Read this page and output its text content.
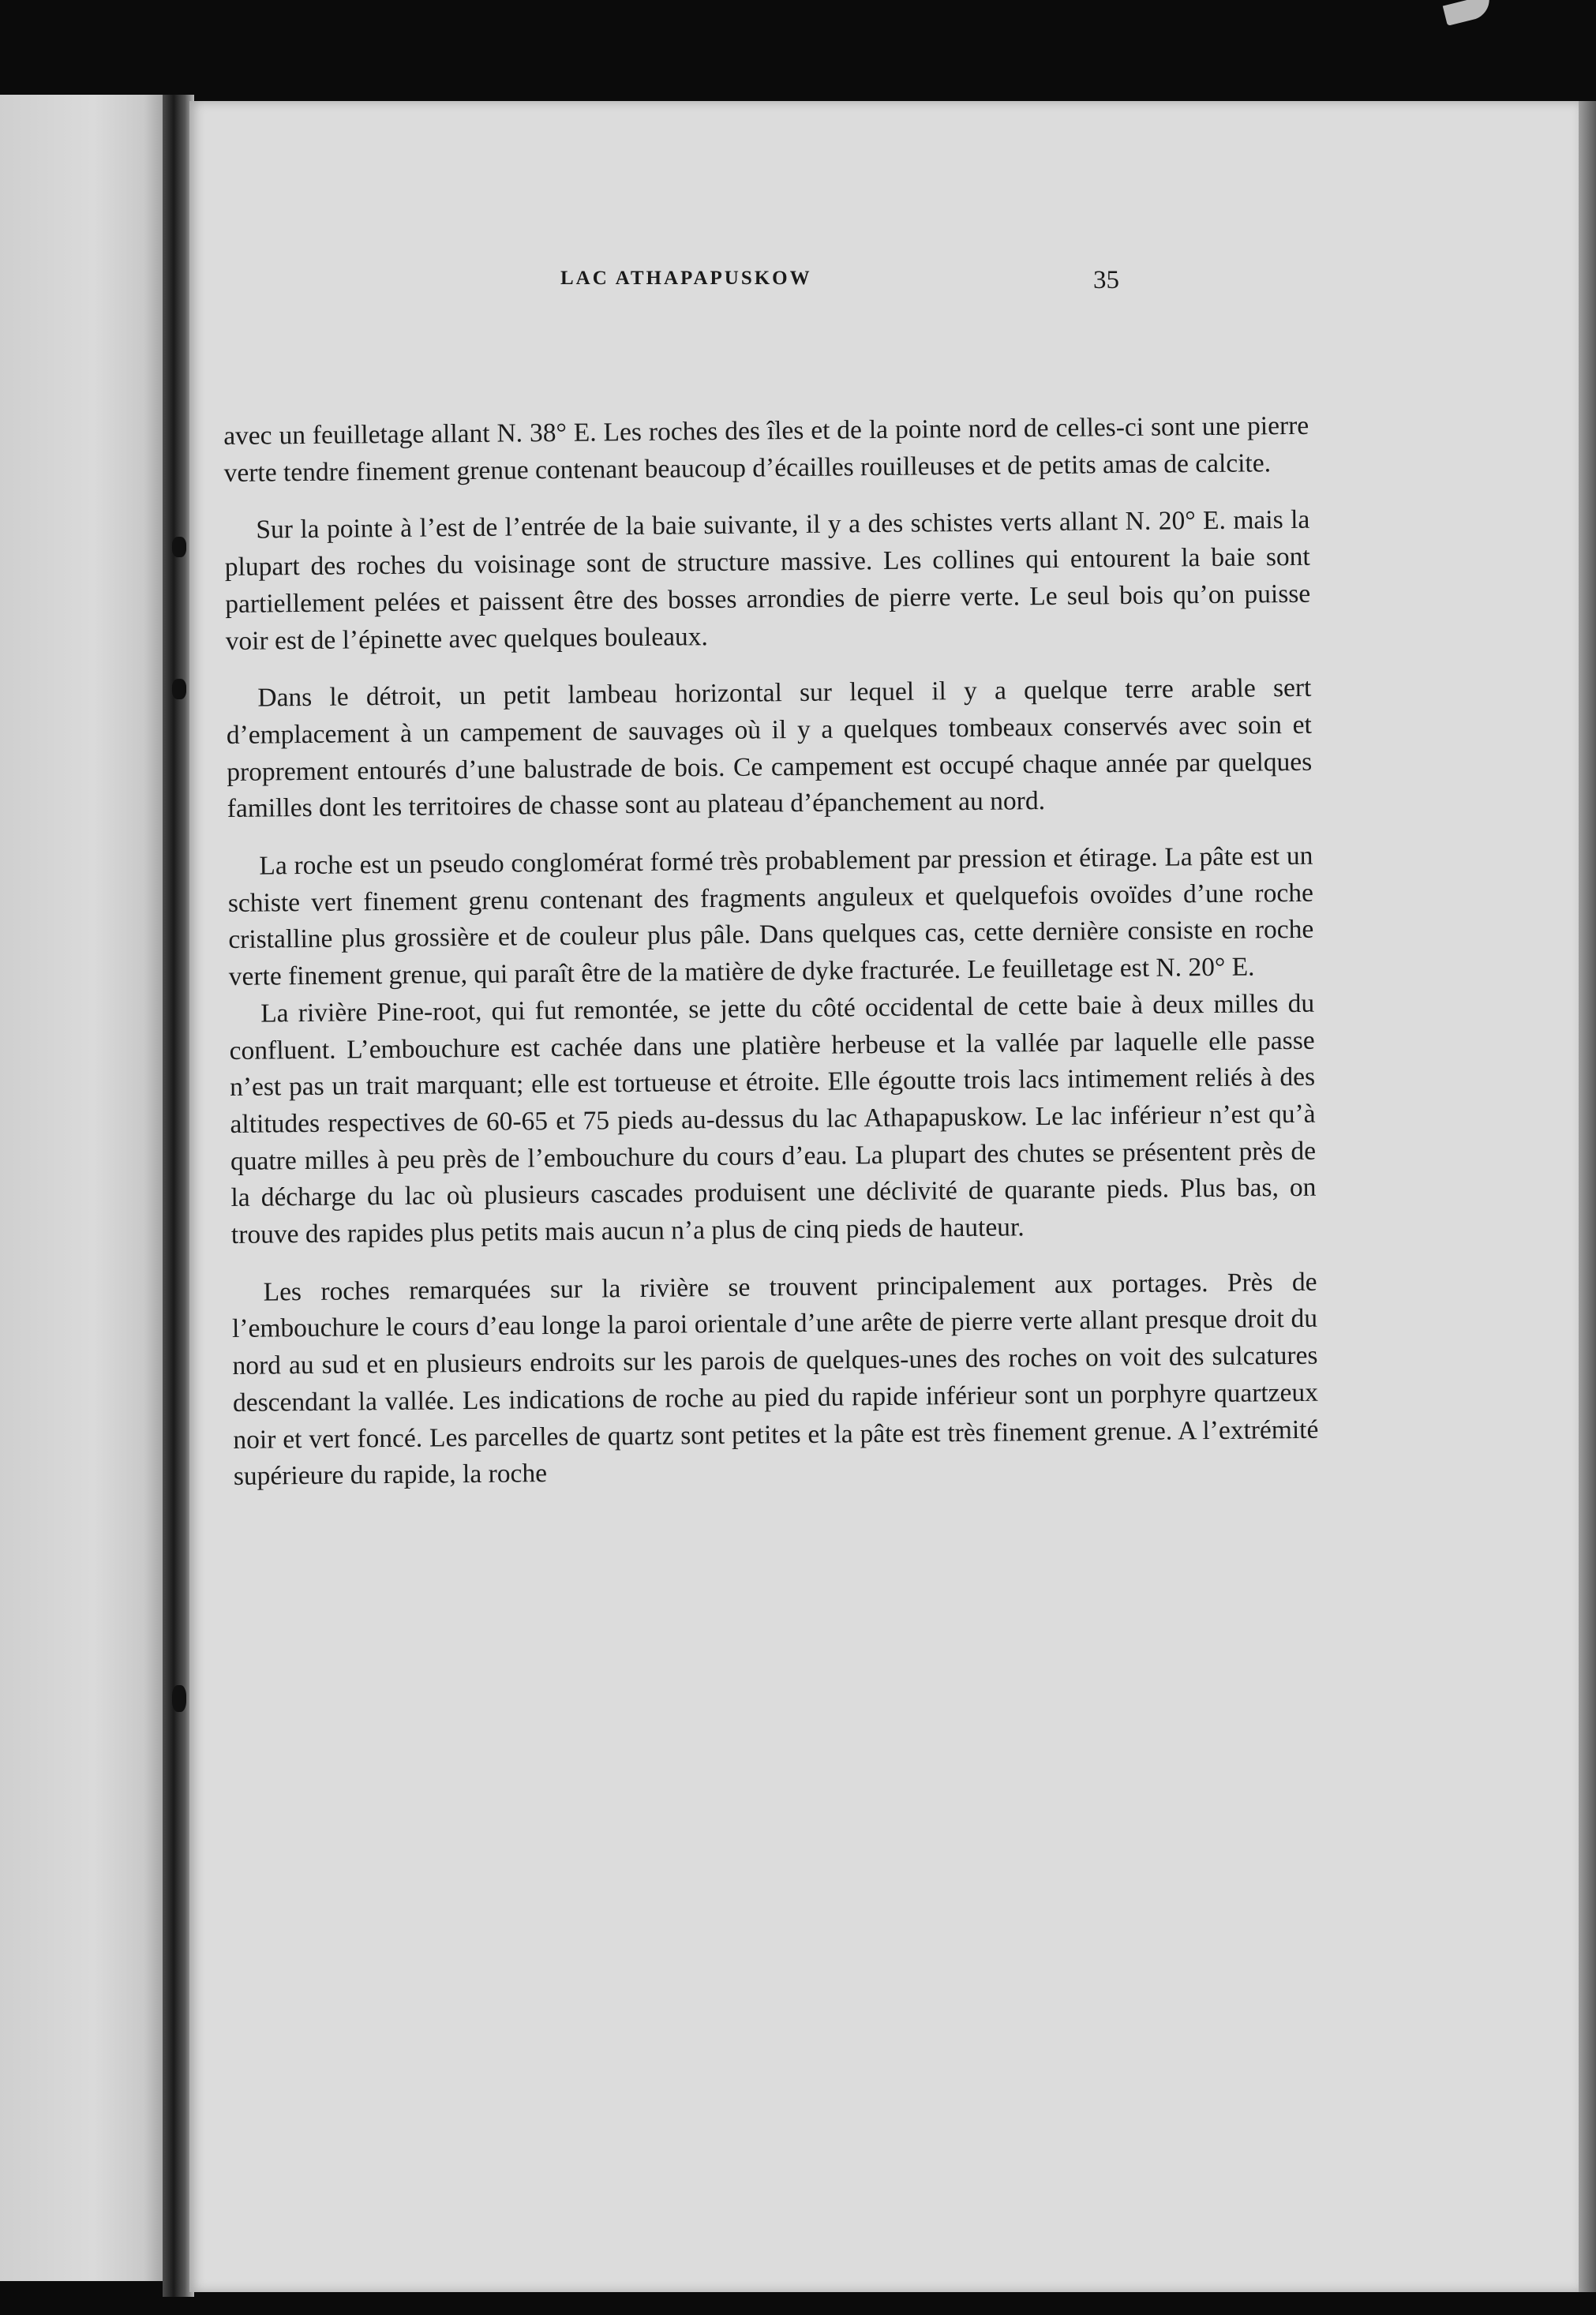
LAC ATHAPAPUSKOW	35

avec un feuilletage allant N. 38° E. Les roches des îles et de la pointe nord de celles-ci sont une pierre verte tendre finement grenue contenant beaucoup d’écailles rouilleuses et de petits amas de calcite.

Sur la pointe à l’est de l’entrée de la baie suivante, il y a des schistes verts allant N. 20° E. mais la plupart des roches du voisinage sont de structure massive. Les collines qui entourent la baie sont partiellement pelées et paissent être des bosses arrondies de pierre verte. Le seul bois qu’on puisse voir est de l’épinette avec quelques bouleaux.

Dans le détroit, un petit lambeau horizontal sur lequel il y a quelque terre arable sert d’emplacement à un campement de sauvages où il y a quelques tombeaux conservés avec soin et proprement entourés d’une balustrade de bois. Ce campement est occupé chaque année par quelques familles dont les territoires de chasse sont au plateau d’épanchement au nord.

La roche est un pseudo conglomérat formé très probablement par pression et étirage. La pâte est un schiste vert finement grenu contenant des fragments anguleux et quelquefois ovoïdes d’une roche cristalline plus grossière et de couleur plus pâle. Dans quelques cas, cette dernière consiste en roche verte finement grenue, qui paraît être de la matière de dyke fracturée. Le feuilletage est N. 20° E.

La rivière Pine-root, qui fut remontée, se jette du côté occidental de cette baie à deux milles du confluent. L’embouchure est cachée dans une platière herbeuse et la vallée par laquelle elle passe n’est pas un trait marquant; elle est tortueuse et étroite. Elle égoutte trois lacs intimement reliés à des altitudes respectives de 60-65 et 75 pieds au-dessus du lac Athapapuskow. Le lac inférieur n’est qu’à quatre milles à peu près de l’embouchure du cours d’eau. La plupart des chutes se présentent près de la décharge du lac où plusieurs cascades produisent une déclivité de quarante pieds. Plus bas, on trouve des rapides plus petits mais aucun n’a plus de cinq pieds de hauteur.

Les roches remarquées sur la rivière se trouvent principalement aux portages. Près de l’embouchure le cours d’eau longe la paroi orientale d’une arête de pierre verte allant presque droit du nord au sud et en plusieurs endroits sur les parois de quelques-unes des roches on voit des sulcatures descendant la vallée. Les indications de roche au pied du rapide inférieur sont un porphyre quartzeux noir et vert foncé. Les parcelles de quartz sont petites et la pâte est très finement grenue. A l’extrémité supérieure du rapide, la roche
